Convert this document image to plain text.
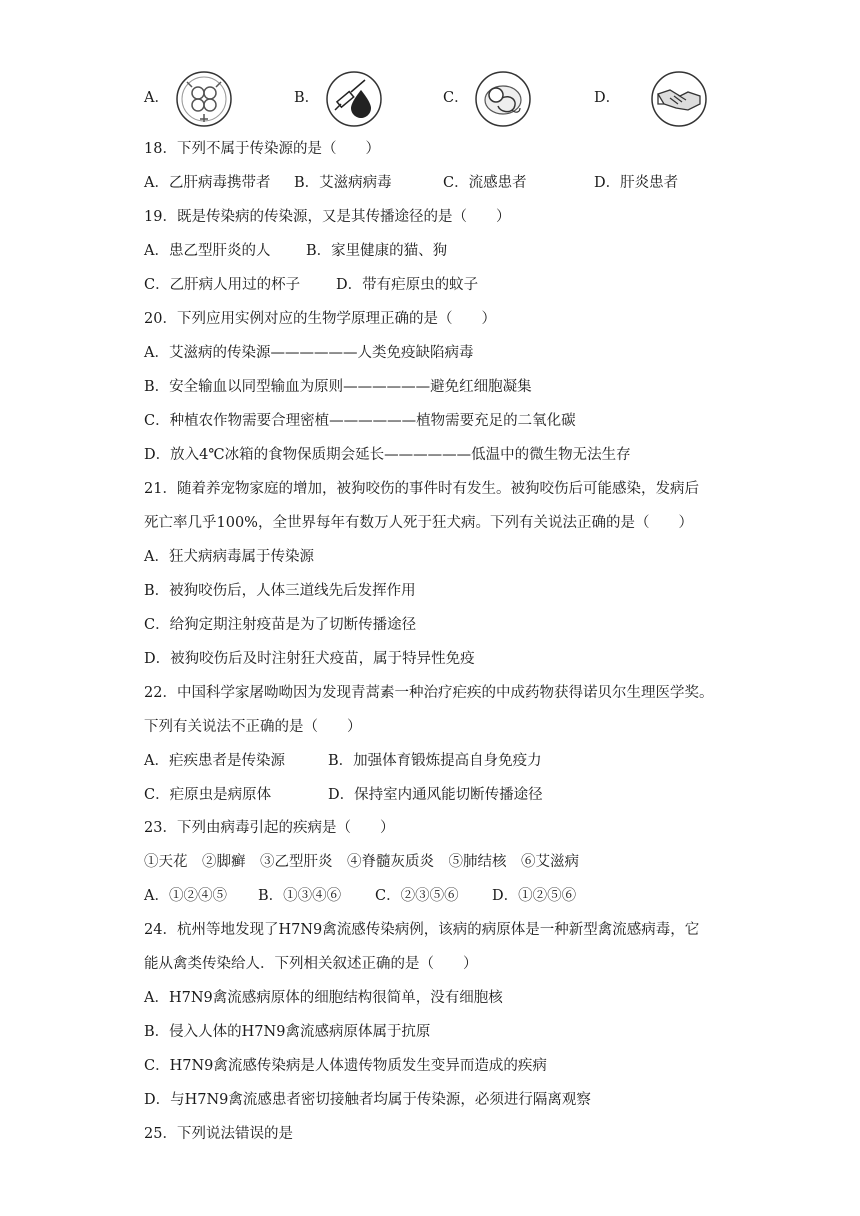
A．	B．	C．	D．
18．下列不属于传染源的是（　　）
A．乙肝病毒携带者 B．艾滋病病毒	C．流感患者	D．肝炎患者
19．既是传染病的传染源，又是其传播途径的是（　　）
A．患乙型肝炎的人 B．家里健康的猫、狗
C．乙肝病人用过的杯子 D．带有疟原虫的蚊子
20．下列应用实例对应的生物学原理正确的是（　　）
A．艾滋病的传染源——————人类免疫缺陷病毒
B．安全输血以同型输血为原则——————避免红细胞凝集
C．种植农作物需要合理密植——————植物需要充足的二氧化碳
D．放入4℃冰箱的食物保质期会延长——————低温中的微生物无法生存
21．随着养宠物家庭的增加，被狗咬伤的事件时有发生。被狗咬伤后可能感染，发病后
死亡率几乎100%，全世界每年有数万人死于狂犬病。下列有关说法正确的是（　　）
A．狂犬病病毒属于传染源
B．被狗咬伤后，人体三道线先后发挥作用
C．给狗定期注射疫苗是为了切断传播途径
D．被狗咬伤后及时注射狂犬疫苗，属于特异性免疫
22．中国科学家屠呦呦因为发现青蒿素一种治疗疟疾的中成药物获得诺贝尔生理医学奖。
下列有关说法不正确的是（　　）
A．疟疾患者是传染源	B．加强体育锻炼提高自身免疫力
C．疟原虫是病原体	D．保持室内通风能切断传播途径
23．下列由病毒引起的疾病是（　　）
①天花　②脚癣　③乙型肝炎　④脊髓灰质炎　⑤肺结核　⑥艾滋病
A．①②④⑤ B．①③④⑥ C．②③⑤⑥ D．①②⑤⑥
24．杭州等地发现了H7N9禽流感传染病例，该病的病原体是一种新型禽流感病毒，它
能从禽类传染给人．下列相关叙述正确的是（　　）
A．H7N9禽流感病原体的细胞结构很简单，没有细胞核
B．侵入人体的H7N9禽流感病原体属于抗原
C．H7N9禽流感传染病是人体遗传物质发生变异而造成的疾病
D．与H7N9禽流感患者密切接触者均属于传染源，必须进行隔离观察
25．下列说法错误的是
